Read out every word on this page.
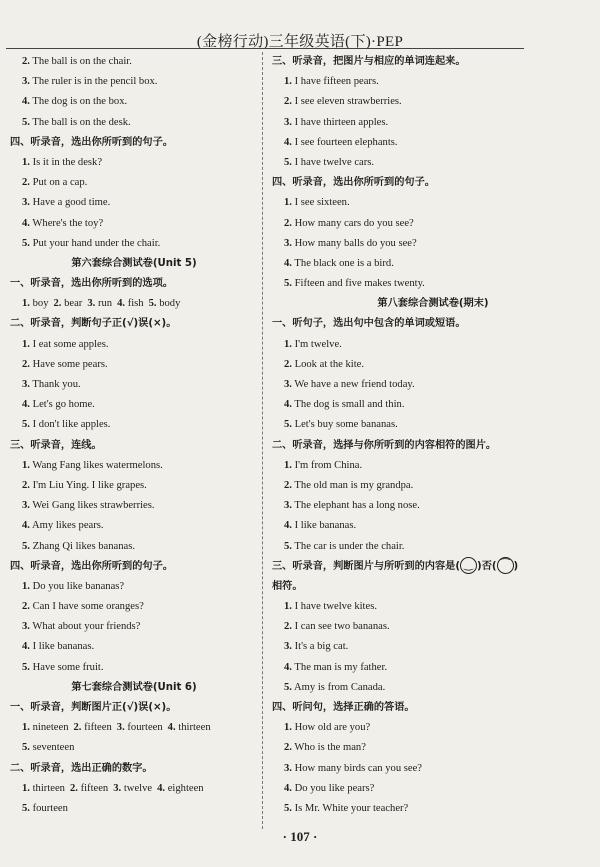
(金榜行动)三年级英语(下)·PEP
2. The ball is on the chair.
3. The ruler is in the pencil box.
4. The dog is on the box.
5. The ball is on the desk.
四、听录音，选出你所听到的句子。
1. Is it in the desk?
2. Put on a cap.
3. Have a good time.
4. Where's the toy?
5. Put your hand under the chair.
第六套综合测试卷(Unit 5)
一、听录音，选出你所听到的选项。
1. boy 2. bear 3. run 4. fish 5. body
二、听录音，判断句子正(√)误(×)。
1. I eat some apples.
2. Have some pears.
3. Thank you.
4. Let's go home.
5. I don't like apples.
三、听录音，连线。
1. Wang Fang likes watermelons.
2. I'm Liu Ying. I like grapes.
3. Wei Gang likes strawberries.
4. Amy likes pears.
5. Zhang Qi likes bananas.
四、听录音，选出你所听到的句子。
1. Do you like bananas?
2. Can I have some oranges?
3. What about your friends?
4. I like bananas.
5. Have some fruit.
第七套综合测试卷(Unit 6)
一、听录音，判断图片正(√)误(×)。
1. nineteen 2. fifteen 3. fourteen 4. thirteen
5. seventeen
二、听录音，选出正确的数字。
1. thirteen 2. fifteen 3. twelve 4. eighteen
5. fourteen
三、听录音，把图片与相应的单词连起来。
1. I have fifteen pears.
2. I see eleven strawberries.
3. I have thirteen apples.
4. I see fourteen elephants.
5. I have twelve cars.
四、听录音，选出你所听到的句子。
1. I see sixteen.
2. How many cars do you see?
3. How many balls do you see?
4. The black one is a bird.
5. Fifteen and five makes twenty.
第八套综合测试卷(期末)
一、听句子，选出句中包含的单词或短语。
1. I'm twelve.
2. Look at the kite.
3. We have a new friend today.
4. The dog is small and thin.
5. Let's buy some bananas.
二、听录音，选择与你所听到的内容相符的图片。
1. I'm from China.
2. The old man is my grandpa.
3. The elephant has a long nose.
4. I like bananas.
5. The car is under the chair.
三、听录音，判断图片与所听到的内容是( ‿ )否( ⁀ )
相符。
1. I have twelve kites.
2. I can see two bananas.
3. It's a big cat.
4. The man is my father.
5. Amy is from Canada.
四、听问句，选择正确的答语。
1. How old are you?
2. Who is the man?
3. How many birds can you see?
4. Do you like pears?
5. Is Mr. White your teacher?
· 107 ·
